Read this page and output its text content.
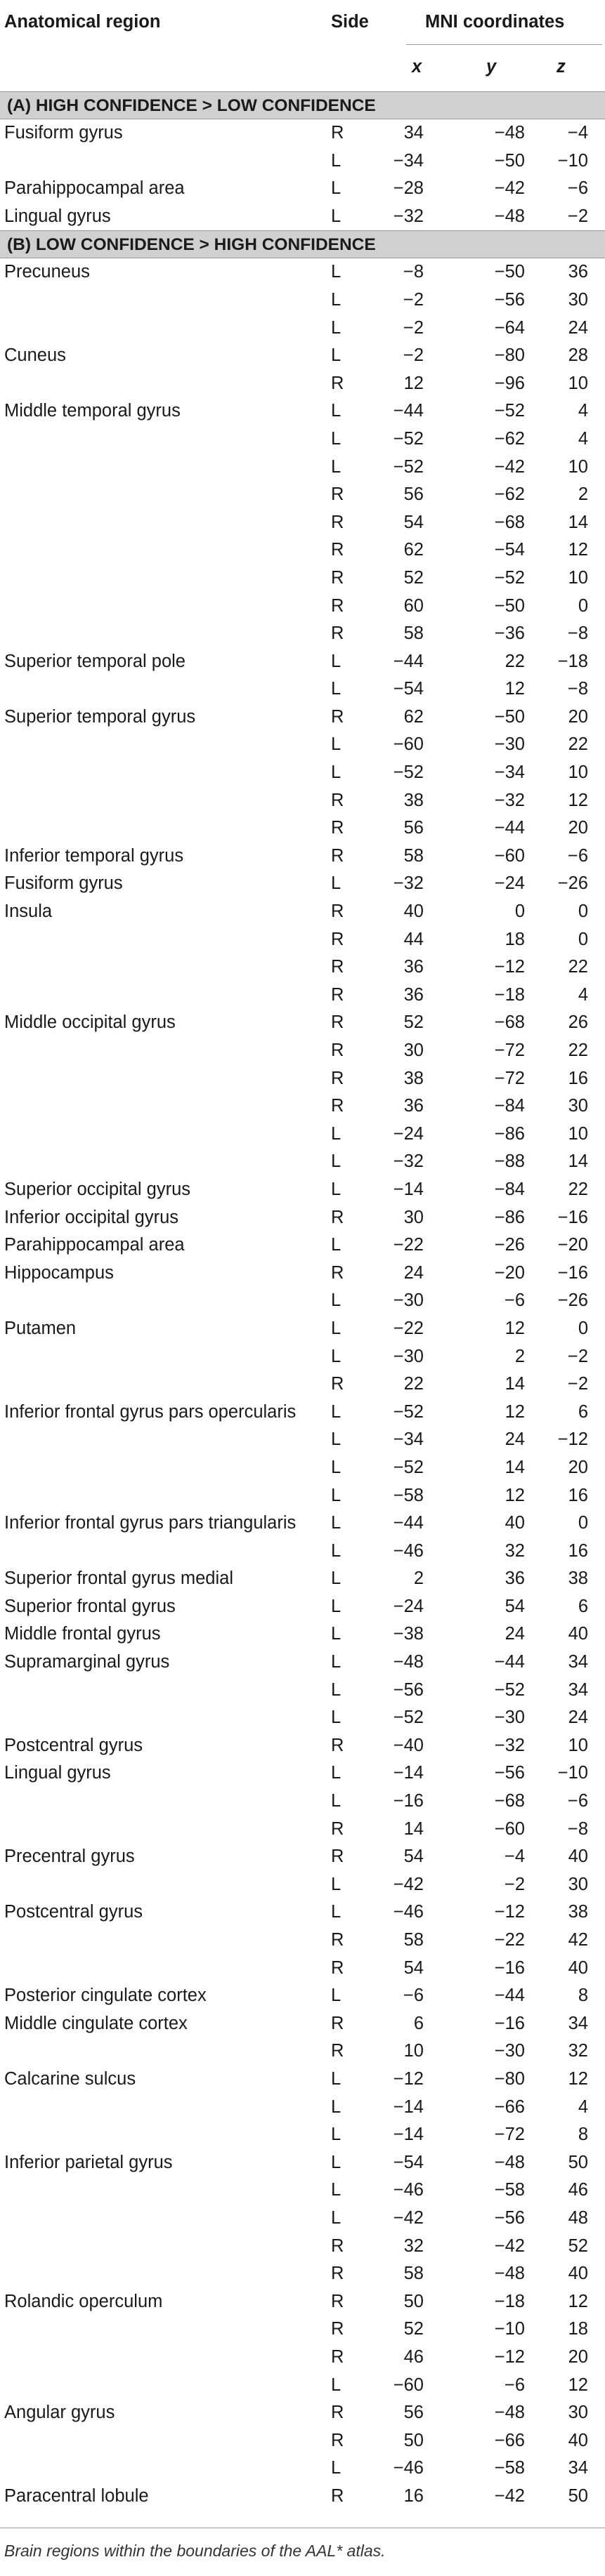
Anatomical region	Side	MNI coordinates
x	y	z
(A) HIGH CONFIDENCE > LOW CONFIDENCE
Fusiform gyrus	R	34	−48	−4
L	−34	−50	−10
Parahippocampal area	L	−28	−42	−6
Lingual gyrus	L	−32	−48	−2
(B) LOW CONFIDENCE > HIGH CONFIDENCE
Precuneus	L	−8	−50	36
L	−2	−56	30
L	−2	−64	24
Cuneus	L	−2	−80	28
R	12	−96	10
Middle temporal gyrus	L	−44	−52	4
L	−52	−62	4
L	−52	−42	10
R	56	−62	2
R	54	−68	14
R	62	−54	12
R	52	−52	10
R	60	−50	0
R	58	−36	−8
Superior temporal pole	L	−44	22	−18
L	−54	12	−8
Superior temporal gyrus	R	62	−50	20
L	−60	−30	22
L	−52	−34	10
R	38	−32	12
R	56	−44	20
Inferior temporal gyrus	R	58	−60	−6
Fusiform gyrus	L	−32	−24	−26
Insula	R	40	0	0
R	44	18	0
R	36	−12	22
R	36	−18	4
Middle occipital gyrus	R	52	−68	26
R	30	−72	22
R	38	−72	16
R	36	−84	30
L	−24	−86	10
L	−32	−88	14
Superior occipital gyrus	L	−14	−84	22
Inferior occipital gyrus	R	30	−86	−16
Parahippocampal area	L	−22	−26	−20
Hippocampus	R	24	−20	−16
L	−30	−6	−26
Putamen	L	−22	12	0
L	−30	2	−2
R	22	14	−2
Inferior frontal gyrus pars opercularis L	−52	12	6
L	−34	24	−12
L	−52	14	20
L	−58	12	16
Inferior frontal gyrus pars triangularis L	−44	40	0
L	−46	32	16
Superior frontal gyrus medial	L	2	36	38
Superior frontal gyrus	L	−24	54	6
Middle frontal gyrus	L	−38	24	40
Supramarginal gyrus	L	−48	−44	34
L	−56	−52	34
L	−52	−30	24
Postcentral gyrus	R	−40	−32	10
Lingual gyrus	L	−14	−56	−10
L	−16	−68	−6
R	14	−60	−8
Precentral gyrus	R	54	−4	40
L	−42	−2	30
Postcentral gyrus	L	−46	−12	38
R	58	−22	42
R	54	−16	40
Posterior cingulate cortex	L	−6	−44	8
Middle cingulate cortex	R	6	−16	34
R	10	−30	32
Calcarine sulcus	L	−12	−80	12
L	−14	−66	4
L	−14	−72	8
Inferior parietal gyrus	L	−54	−48	50
L	−46	−58	46
L	−42	−56	48
R	32	−42	52
R	58	−48	40
Rolandic operculum	R	50	−18	12
R	52	−10	18
R	46	−12	20
L	−60	−6	12
Angular gyrus	R	56	−48	30
R	50	−66	40
L	−46	−58	34
Paracentral lobule	R	16	−42	50
Brain regions within the boundaries of the AAL* atlas.
